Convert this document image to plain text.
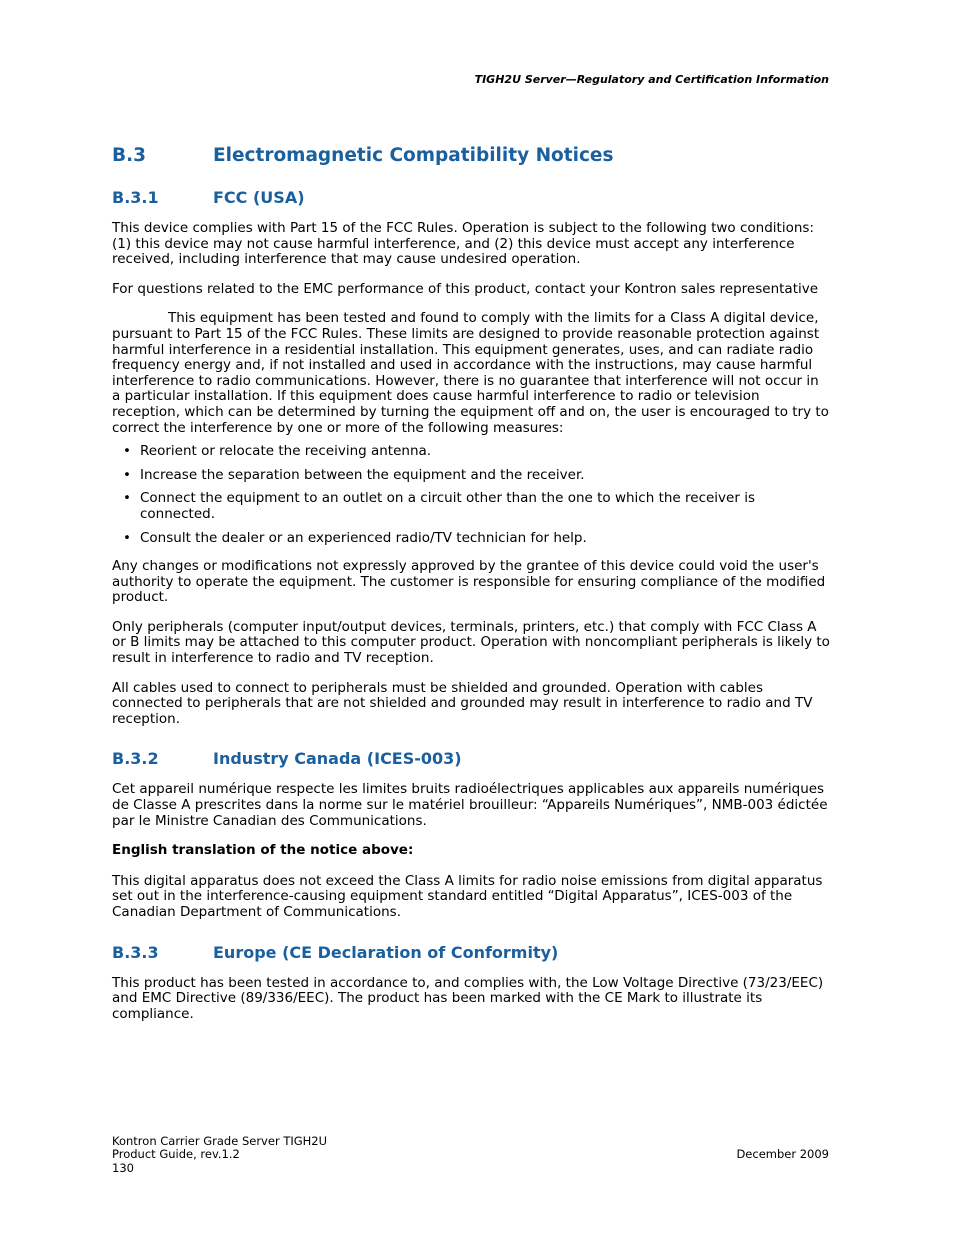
TIGH2U Server—Regulatory and Certification Information
B.3	Electromagnetic Compatibility Notices
B.3.1	FCC (USA)

This device complies with Part 15 of the FCC Rules. Operation is subject to the following two conditions: (1) this device may not cause harmful interference, and (2) this device must accept any interference received, including interference that may cause undesired operation.

For questions related to the EMC performance of this product, contact your Kontron sales representative

This equipment has been tested and found to comply with the limits for a Class A digital device, pursuant to Part 15 of the FCC Rules. These limits are designed to provide reasonable protection against harmful interference in a residential installation. This equipment generates, uses, and can radiate radio frequency energy and, if not installed and used in accordance with the instructions, may cause harmful interference to radio communications. However, there is no guarantee that interference will not occur in a particular installation. If this equipment does cause harmful interference to radio or television reception, which can be determined by turning the equipment off and on, the user is encouraged to try to correct the interference by one or more of the following measures:

• Reorient or relocate the receiving antenna.
• Increase the separation between the equipment and the receiver.
• Connect the equipment to an outlet on a circuit other than the one to which the receiver is connected.
• Consult the dealer or an experienced radio/TV technician for help.

Any changes or modifications not expressly approved by the grantee of this device could void the user's authority to operate the equipment. The customer is responsible for ensuring compliance of the modified product.

Only peripherals (computer input/output devices, terminals, printers, etc.) that comply with FCC Class A or B limits may be attached to this computer product. Operation with noncompliant peripherals is likely to result in interference to radio and TV reception.

All cables used to connect to peripherals must be shielded and grounded. Operation with cables connected to peripherals that are not shielded and grounded may result in interference to radio and TV reception.

B.3.2	Industry Canada (ICES-003)

Cet appareil numérique respecte les limites bruits radioélectriques applicables aux appareils numériques de Classe A prescrites dans la norme sur le matériel brouilleur: “Appareils Numériques”, NMB-003 édictée par le Ministre Canadian des Communications.

English translation of the notice above:

This digital apparatus does not exceed the Class A limits for radio noise emissions from digital apparatus set out in the interference-causing equipment standard entitled “Digital Apparatus”, ICES-003 of the Canadian Department of Communications.

B.3.3	Europe (CE Declaration of Conformity)

This product has been tested in accordance to, and complies with, the Low Voltage Directive (73/23/EEC) and EMC Directive (89/336/EEC). The product has been marked with the CE Mark to illustrate its compliance.

Kontron Carrier Grade Server TIGH2U
Product Guide, rev.1.2
130
December 2009
